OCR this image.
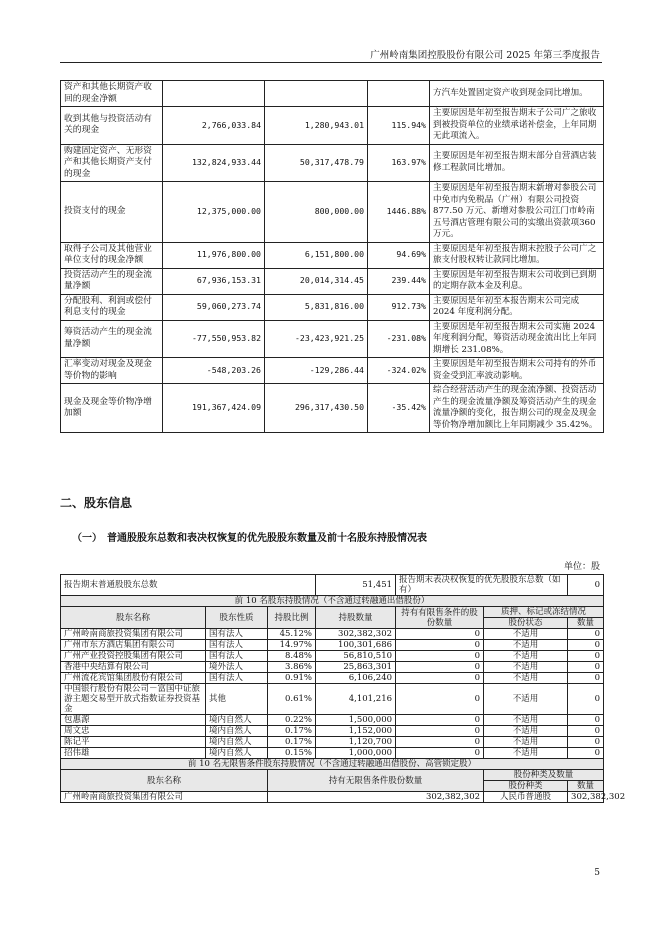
广州岭南集团控股股份有限公司 2025 年第三季度报告
资产和其他长期资产收回的现金净额				方汽车处置固定资产收到现金同比增加。
收到其他与投资活动有关的现金	2,766,033.84	1,280,943.01	115.94%	主要原因是年初至报告期末子公司广之旅收到被投资单位的业绩承诺补偿金，上年同期无此项流入。
购建固定资产、无形资产和其他长期资产支付的现金	132,824,933.44	50,317,478.79	163.97%	主要原因是年初至报告期末部分自营酒店装修工程款同比增加。
投资支付的现金	12,375,000.00	800,000.00	1446.88%	主要原因是年初至报告期末新增对参股公司中免市内免税品（广州）有限公司投资 877.50 万元、新增对参股公司江门市岭南五号酒店管理有限公司的实缴出资款项360 万元。
取得子公司及其他营业单位支付的现金净额	11,976,800.00	6,151,800.00	94.69%	主要原因是年初至报告期末控股子公司广之旅支付股权转让款同比增加。
投资活动产生的现金流量净额	67,936,153.31	20,014,314.45	239.44%	主要原因是年初至报告期末公司收到已到期的定期存款本金及利息。
分配股利、利润或偿付利息支付的现金	59,060,273.74	5,831,816.00	912.73%	主要原因是年初至本报告期末公司完成 2024 年度利润分配。
筹资活动产生的现金流量净额	-77,550,953.82	-23,423,921.25	-231.08%	主要原因是年初至报告期末公司实施 2024 年度利润分配，筹资活动现金流出比上年同期增长 231.08%。
汇率变动对现金及现金等价物的影响	-548,203.26	-129,286.44	-324.02%	主要原因是年初至报告期末公司持有的外币资金受到汇率波动影响。
现金及现金等价物净增加额	191,367,424.09	296,317,430.50	-35.42%	综合经营活动产生的现金流净额、投资活动产生的现金流量净额及筹资活动产生的现金流量净额的变化，报告期公司的现金及现金等价物净增加额比上年同期减少 35.42%。
二、股东信息
（一）　普通股股东总数和表决权恢复的优先股股东数量及前十名股东持股情况表
单位：股
报告期末普通股股东总数			51,451	报告期末表决权恢复的优先股股东总数（如有）		0
前 10 名股东持股情况（不含通过转融通出借股份）						
股东名称	股东性质	持股比例	持股数量	持有有限售条件的股份数量	质押、标记或冻结情况	
					股份状态	数量
广州岭南商旅投资集团有限公司	国有法人	45.12%	302,382,302	0	不适用	0
广州市东方酒店集团有限公司	国有法人	14.97%	100,301,686	0	不适用	0
广州产业投资控股集团有限公司	国有法人	8.48%	56,810,510	0	不适用	0
香港中央结算有限公司	境外法人	3.86%	25,863,301	0	不适用	0
广州流花宾馆集团股份有限公司	国有法人	0.91%	6,106,240	0	不适用	0
中国银行股份有限公司－富国中证旅游主题交易型开放式指数证券投资基金	其他	0.61%	4,101,216	0	不适用	0
包惠源	境内自然人	0.22%	1,500,000	0	不适用	0
周文忠	境内自然人	0.17%	1,152,000	0	不适用	0
陈记平	境内自然人	0.17%	1,120,700	0	不适用	0
招伟雄	境内自然人	0.15%	1,000,000	0	不适用	0
前 10 名无限售条件股东持股情况（不含通过转融通出借股份、高管锁定股）						
股东名称		持有无限售条件股份数量			股份种类及数量	
					股份种类	数量
广州岭南商旅投资集团有限公司		302,382,302			人民币普通股	302,382,302
5
